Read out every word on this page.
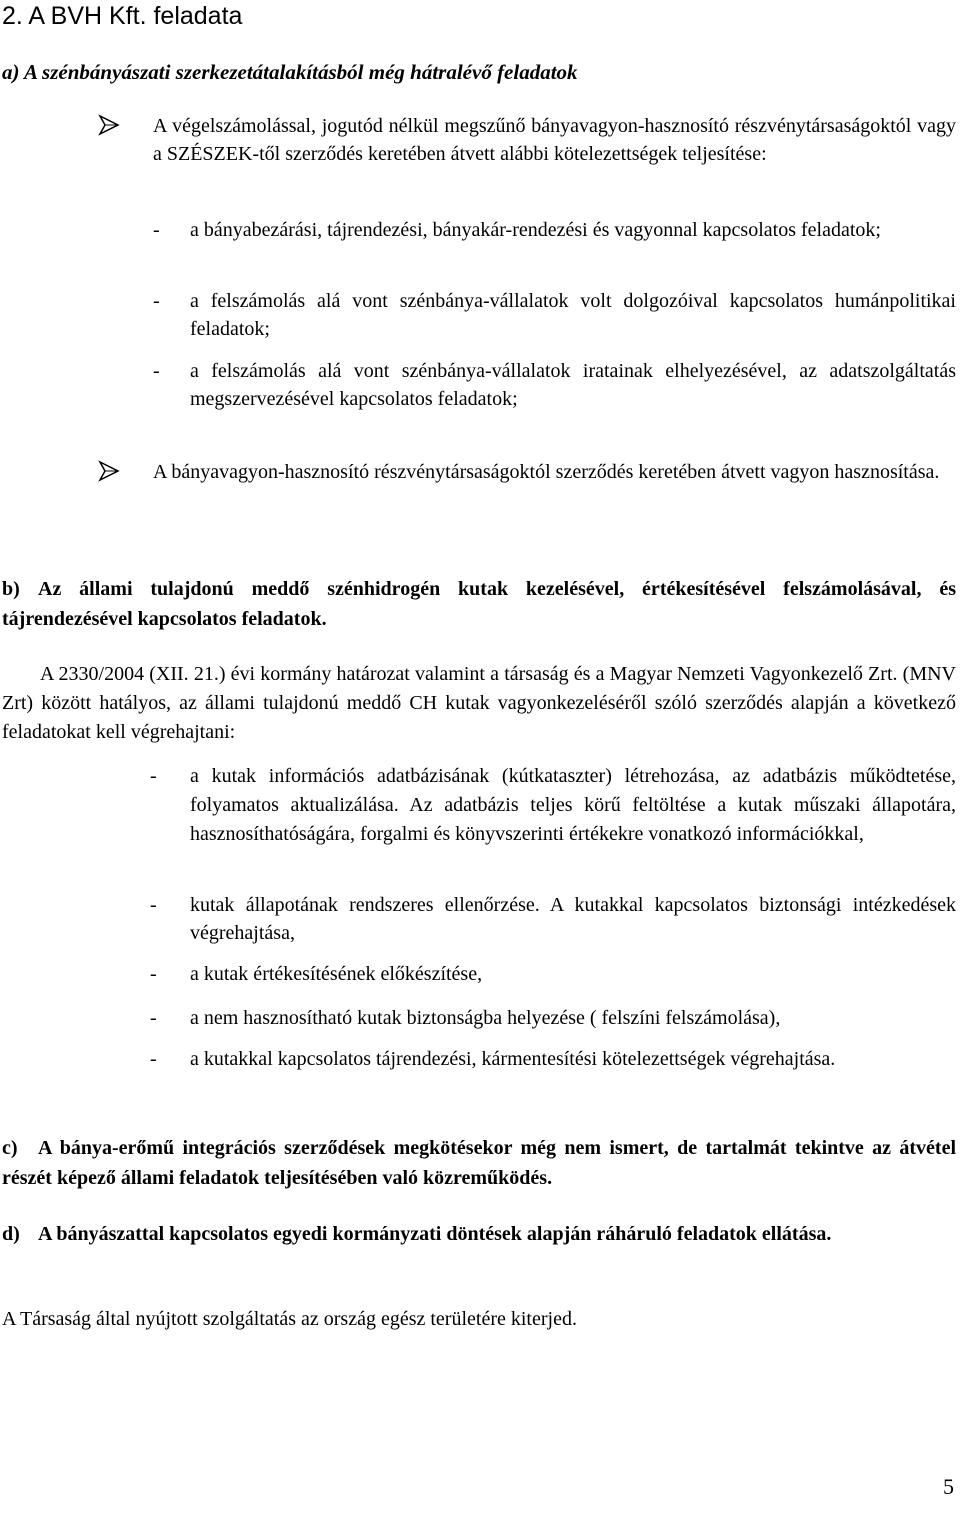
2. A BVH Kft. feladata
a) A szénbányászati szerkezetátalakításból még hátralévő feladatok
A végelszámolással, jogutód nélkül megszűnő bányavagyon-hasznosító részvénytársaságoktól vagy a SZÉSZEK-től szerződés keretében átvett alábbi kötelezettségek teljesítése:
- a bányabezárási, tájrendezési, bányakár-rendezési és vagyonnal kapcsolatos feladatok;
- a felszámolás alá vont szénbánya-vállalatok volt dolgozóival kapcsolatos humánpolitikai feladatok;
- a felszámolás alá vont szénbánya-vállalatok iratainak elhelyezésével, az adatszolgáltatás megszervezésével kapcsolatos feladatok;
A bányavagyon-hasznosító részvénytársaságoktól szerződés keretében átvett vagyon hasznosítása.
b) Az állami tulajdonú meddő szénhidrogén kutak kezelésével, értékesítésével felszámolásával, és tájrendezésével kapcsolatos feladatok.
A 2330/2004 (XII. 21.) évi kormány határozat valamint a társaság és a Magyar Nemzeti Vagyonkezelő Zrt. (MNV Zrt) között hatályos, az állami tulajdonú meddő CH kutak vagyonkezeléséről szóló szerződés alapján a következő feladatokat kell végrehajtani:
- a kutak információs adatbázisának (kútkataszter) létrehozása, az adatbázis működtetése, folyamatos aktualizálása. Az adatbázis teljes körű feltöltése a kutak műszaki állapotára, hasznosíthatóságára, forgalmi és könyvszerinti értékekre vonatkozó információkkal,
- kutak állapotának rendszeres ellenőrzése. A kutakkal kapcsolatos biztonsági intézkedések végrehajtása,
- a kutak értékesítésének előkészítése,
- a nem hasznosítható kutak biztonságba helyezése ( felszíni felszámolása),
- a kutakkal kapcsolatos tájrendezési, kármentesítési kötelezettségek végrehajtása.
c) A bánya-erőmű integrációs szerződések megkötésekor még nem ismert, de tartalmát tekintve az átvétel részét képező állami feladatok teljesítésében való közreműködés.
d) A bányászattal kapcsolatos egyedi kormányzati döntések alapján ráháruló feladatok ellátása.
A Társaság által nyújtott szolgáltatás az ország egész területére kiterjed.
5
